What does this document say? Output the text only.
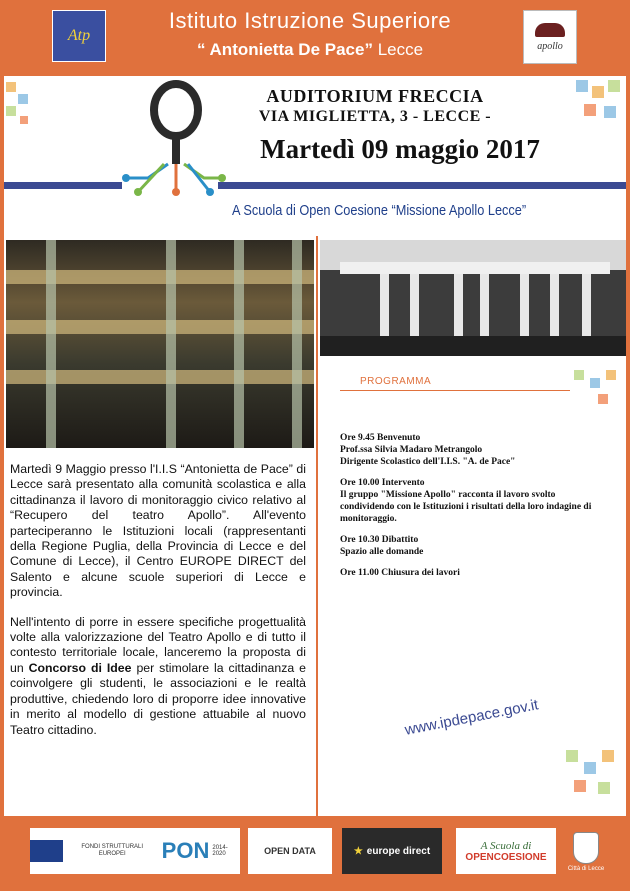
Atp
Istituto Istruzione Superiore
“ Antonietta De Pace” Lecce	apollo
AUDITORIUM FRECCIA
VIA MIGLIETTA, 3 - LECCE -
Martedì 09 maggio 2017
A Scuola di Open Coesione “Missione Apollo Lecce”
PROGRAMMA

Ore 9.45 Benvenuto
Prof.ssa Silvia Madaro Metrangolo
Dirigente Scolastico dell'I.I.S. "A. de Pace"

Ore 10.00 Intervento
Il gruppo "Missione Apollo" racconta il lavoro svolto condividendo con le Istituzioni i risultati della loro indagine di monitoraggio.

Ore 10.30 Dibattito
Spazio alle domande

Ore 11.00 Chiusura dei lavori

Martedì 9 Maggio presso l'I.I.S “Antonietta de Pace” di Lecce sarà presentato alla comunità scolastica e alla cittadinanza il lavoro di monitoraggio civico relativo al “Recupero del teatro Apollo”. All'evento parteciperanno le Istituzioni locali (rappresentanti della Regione Puglia, della Provincia di Lecce e del Comune di Lecce), il Centro EUROPE DIRECT del Salento e alcune scuole superiori di Lecce e provincia.

Nell'intento di porre in essere specifiche progettualità volte alla valorizzazione del Teatro Apollo e di tutto il contesto territoriale locale, lanceremo la proposta di un Concorso di Idee per stimolare la cittadinanza e coinvolgere gli studenti, le associazioni e le realtà produttive, chiedendo loro di proporre idee innovative in merito al modello di gestione attuabile al nuovo Teatro cittadino.	www.ipdepace.gov.it
FONDI STRUTTURALI EUROPEI	PON 2014-2020	OPEN DATA	★ europe direct	A Scuola di
OPENCOESIONE
Città di Lecce
